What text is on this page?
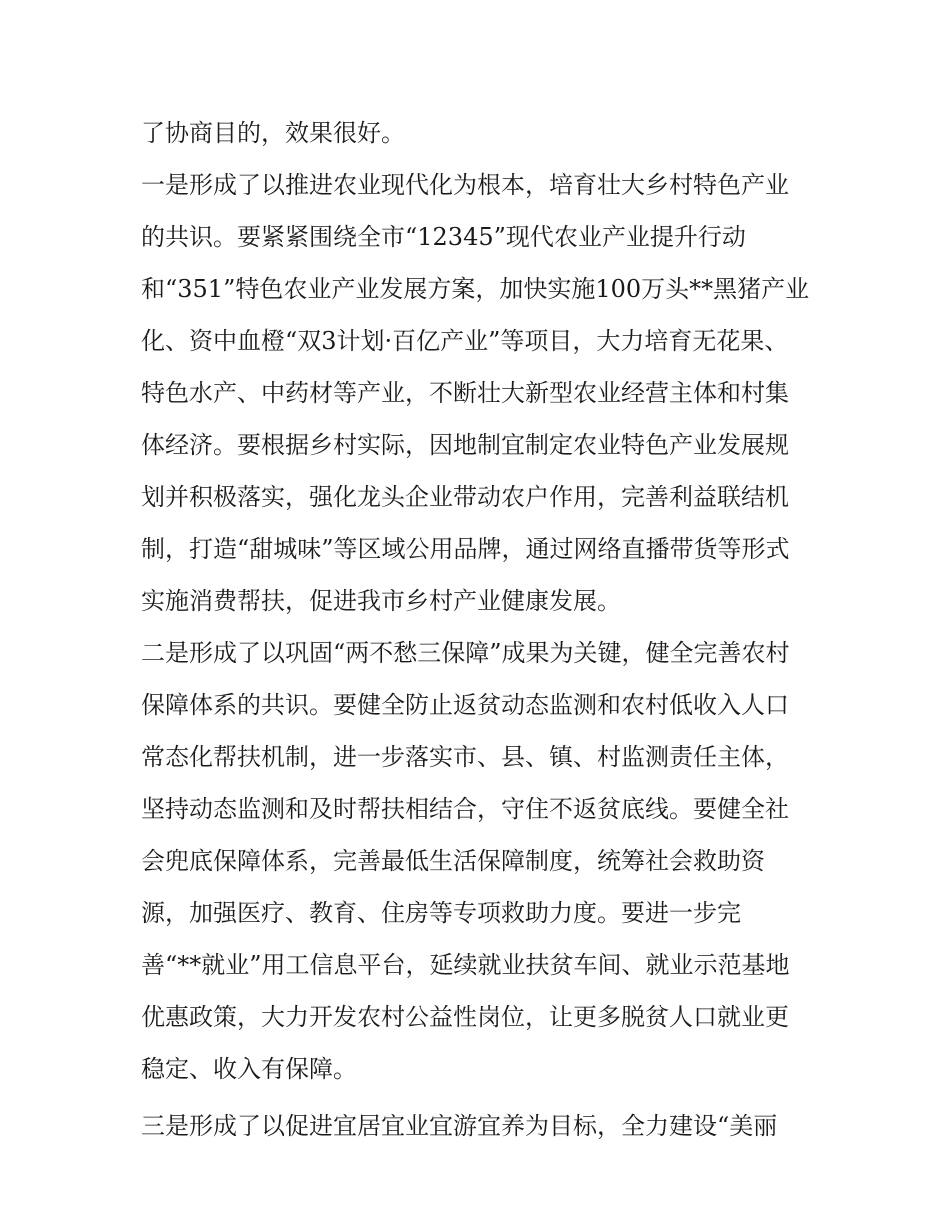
了协商目的，效果很好。
一是形成了以推进农业现代化为根本，培育壮大乡村特色产业
的共识。要紧紧围绕全市“12345”现代农业产业提升行动
和“351”特色农业产业发展方案，加快实施100万头**黑猪产业
化、资中血橙“双3计划·百亿产业”等项目，大力培育无花果、
特色水产、中药材等产业，不断壮大新型农业经营主体和村集
体经济。要根据乡村实际，因地制宜制定农业特色产业发展规
划并积极落实，强化龙头企业带动农户作用，完善利益联结机
制，打造“甜城味”等区域公用品牌，通过网络直播带货等形式
实施消费帮扶，促进我市乡村产业健康发展。
二是形成了以巩固“两不愁三保障”成果为关键，健全完善农村
保障体系的共识。要健全防止返贫动态监测和农村低收入人口
常态化帮扶机制，进一步落实市、县、镇、村监测责任主体，
坚持动态监测和及时帮扶相结合，守住不返贫底线。要健全社
会兜底保障体系，完善最低生活保障制度，统筹社会救助资
源，加强医疗、教育、住房等专项救助力度。要进一步完
善“**就业”用工信息平台，延续就业扶贫车间、就业示范基地
优惠政策，大力开发农村公益性岗位，让更多脱贫人口就业更
稳定、收入有保障。
三是形成了以促进宜居宜业宜游宜养为目标，全力建设“美丽
